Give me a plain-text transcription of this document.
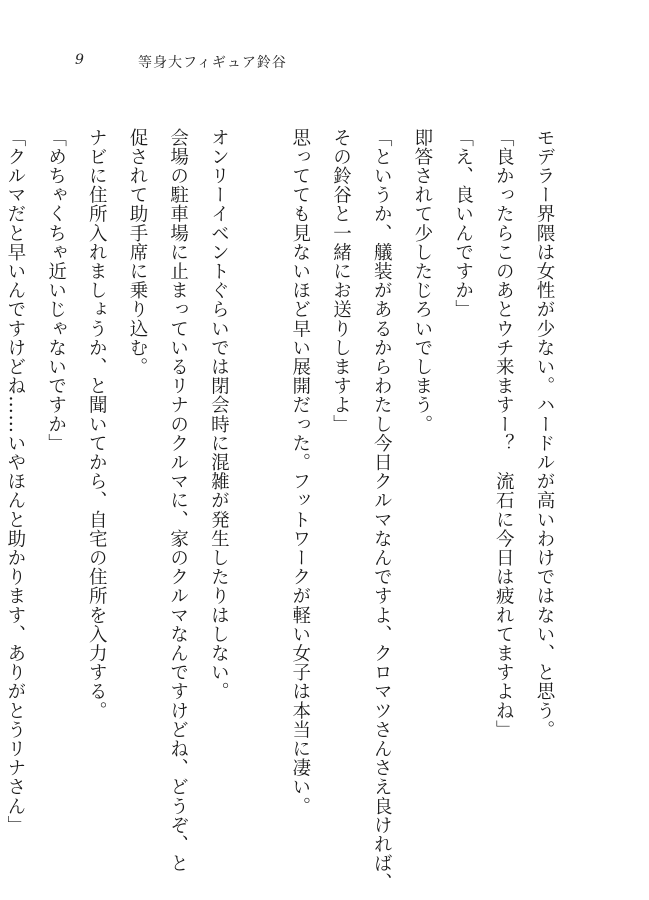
9	等身大フィギュア鈴谷
モデラー界隈は女性が少ない。ハードルが高いわけではない、と思う。
「良かったらこのあとウチ来ますー？　流石に今日は疲れてますよね」
「え、良いんですか」
即答されて少したじろいでしまう。
「というか、艤装があるからわたし今日クルマなんですよ、クロマツさんさえ良ければ、
その鈴谷と一緒にお送りしますよ」
思ってても見ないほど早い展開だった。フットワークが軽い女子は本当に凄い。

オンリーイベントぐらいでは閉会時に混雑が発生したりはしない。
会場の駐車場に止まっているリナのクルマに、家のクルマなんですけどね、どうぞ、と
促されて助手席に乗り込む。
ナビに住所入れましょうか、と聞いてから、自宅の住所を入力する。
「めちゃくちゃ近いじゃないですか」
「クルマだと早いんですけどね……いやほんと助かります、ありがとうリナさん」
